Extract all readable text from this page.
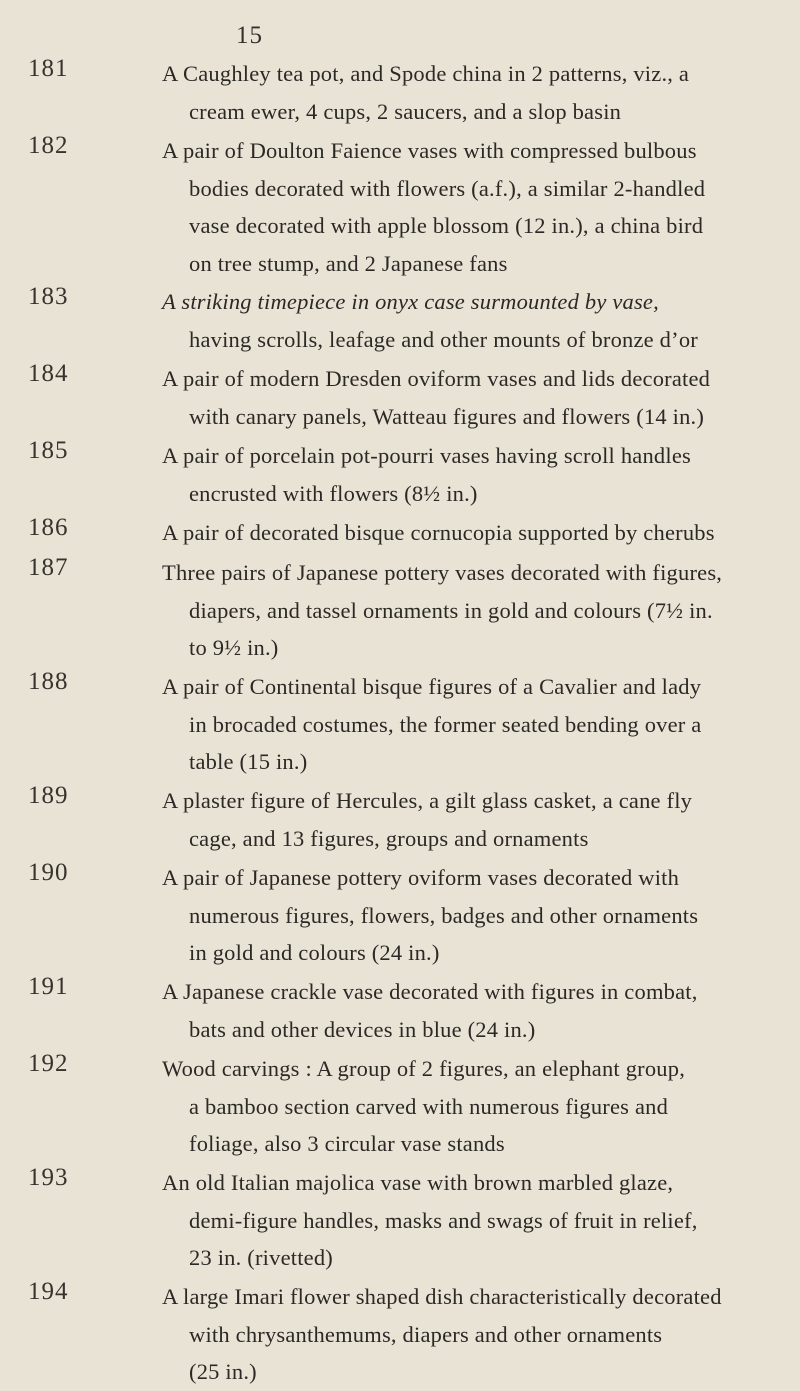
15
181	A Caughley tea pot, and Spode china in 2 patterns, viz., a
cream ewer, 4 cups, 2 saucers, and a slop basin
182	A pair of Doulton Faience vases with compressed bulbous
bodies decorated with flowers (a.f.), a similar 2-handled
vase decorated with apple blossom (12 in.), a china bird
on tree stump, and 2 Japanese fans
183	A striking timepiece in onyx case surmounted by vase,
having scrolls, leafage and other mounts of bronze d’or
184	A pair of modern Dresden oviform vases and lids decorated
with canary panels, Watteau figures and flowers (14 in.)
185	A pair of porcelain pot-pourri vases having scroll handles
encrusted with flowers (8½ in.)
186	A pair of decorated bisque cornucopia supported by cherubs
187	Three pairs of Japanese pottery vases decorated with figures,
diapers, and tassel ornaments in gold and colours (7½ in.
to 9½ in.)
188	A pair of Continental bisque figures of a Cavalier and lady
in brocaded costumes, the former seated bending over a
table (15 in.)
189	A plaster figure of Hercules, a gilt glass casket, a cane fly
cage, and 13 figures, groups and ornaments
190	A pair of Japanese pottery oviform vases decorated with
numerous figures, flowers, badges and other ornaments
in gold and colours (24 in.)
191	A Japanese crackle vase decorated with figures in combat,
bats and other devices in blue (24 in.)
192	Wood carvings : A group of 2 figures, an elephant group,
a bamboo section carved with numerous figures and
foliage, also 3 circular vase stands
193	An old Italian majolica vase with brown marbled glaze,
demi-figure handles, masks and swags of fruit in relief,
23 in. (rivetted)
194	A large Imari flower shaped dish characteristically decorated
with chrysanthemums, diapers and other ornaments
(25 in.)
